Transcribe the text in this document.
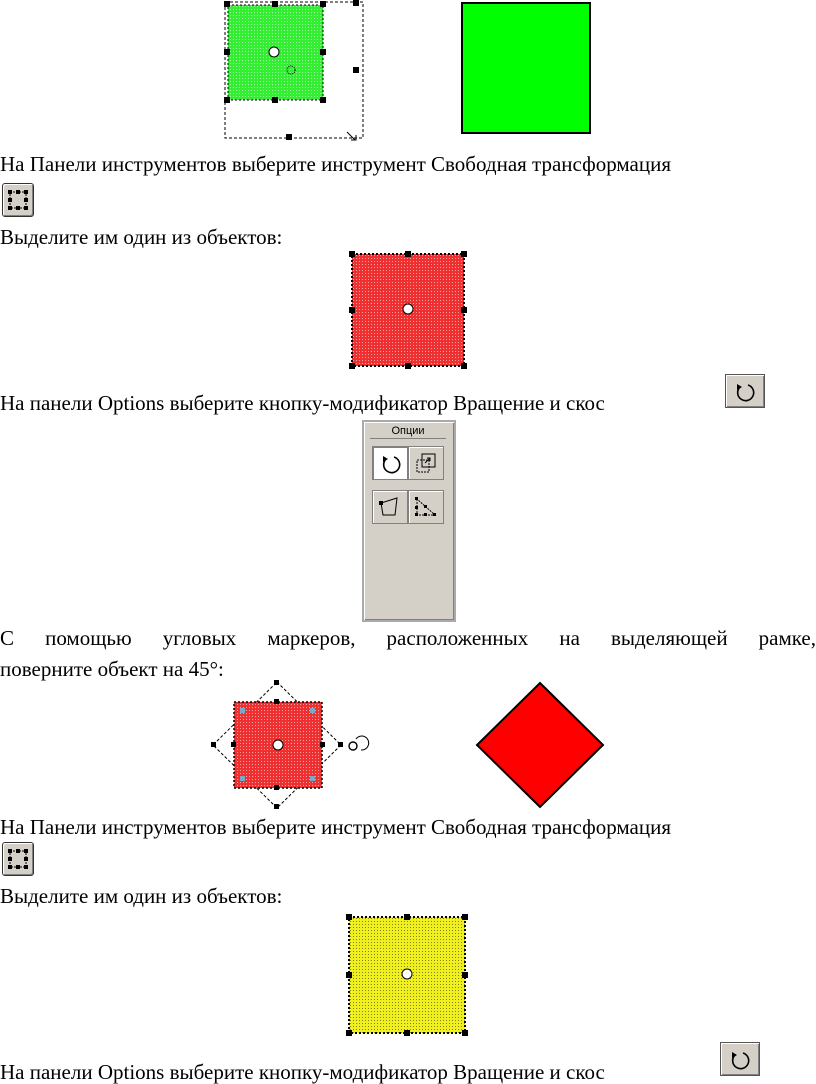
На Панели инструментов выберите инструмент Свободная трансформация
Выделите им один из объектов:
На панели Options выберите кнопку-модификатор Вращение и скос
Опции
С помощью угловых маркеров, расположенных на выделяющей рамке,
поверните объект на 45°:
На Панели инструментов выберите инструмент Свободная трансформация
Выделите им один из объектов:
На панели Options выберите кнопку-модификатор Вращение и скос
